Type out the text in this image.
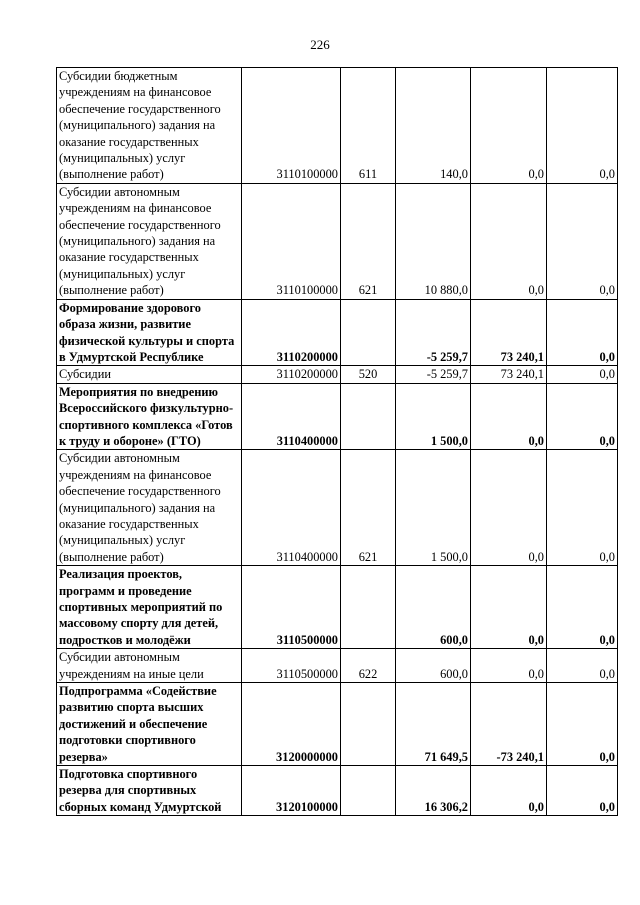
226
Субсидии бюджетным учреждениям на финансовое обеспечение государственного (муниципального) задания на оказание государственных (муниципальных) услуг (выполнение работ)	3110100000	611	140,0	0,0	0,0
Субсидии автономным учреждениям на финансовое обеспечение государственного (муниципального) задания на оказание государственных (муниципальных) услуг (выполнение работ)	3110100000	621	10 880,0	0,0	0,0
Формирование здорового образа жизни, развитие физической культуры и спорта в Удмуртской Республике	3110200000		-5 259,7	73 240,1	0,0
Субсидии	3110200000	520	-5 259,7	73 240,1	0,0
Мероприятия по внедрению Всероссийского физкультурно-спортивного комплекса «Готов к труду и обороне» (ГТО)	3110400000		1 500,0	0,0	0,0
Субсидии автономным учреждениям на финансовое обеспечение государственного (муниципального) задания на оказание государственных (муниципальных) услуг (выполнение работ)	3110400000	621	1 500,0	0,0	0,0
Реализация проектов, программ и проведение спортивных мероприятий по массовому спорту для детей, подростков и молодёжи	3110500000		600,0	0,0	0,0
Субсидии автономным учреждениям на иные цели	3110500000	622	600,0	0,0	0,0
Подпрограмма «Содействие развитию спорта высших достижений и обеспечение подготовки спортивного резерва»	3120000000		71 649,5	-73 240,1	0,0
Подготовка спортивного резерва для спортивных сборных команд Удмуртской	3120100000		16 306,2	0,0	0,0
